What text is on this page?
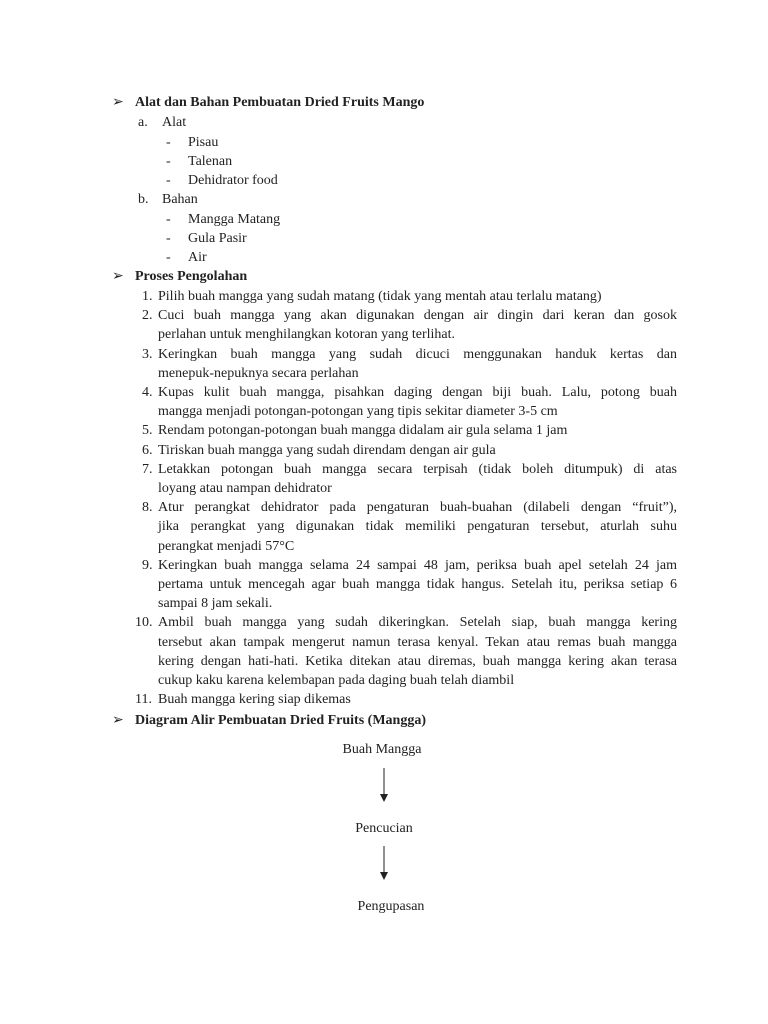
➢ Alat dan Bahan Pembuatan Dried Fruits Mango
a. Alat
- Pisau
- Talenan
- Dehidrator food
b. Bahan
- Mangga Matang
- Gula Pasir
- Air
➢ Proses Pengolahan
1. Pilih buah mangga yang sudah matang (tidak yang mentah atau terlalu matang)
2. Cuci buah mangga yang akan digunakan dengan air dingin dari keran dan gosok
perlahan untuk menghilangkan kotoran yang terlihat.
3. Keringkan buah mangga yang sudah dicuci menggunakan handuk kertas dan
menepuk-nepuknya secara perlahan
4. Kupas kulit buah mangga, pisahkan daging dengan biji buah. Lalu, potong buah
mangga menjadi potongan-potongan yang tipis sekitar diameter 3-5 cm
5. Rendam potongan-potongan buah mangga didalam air gula selama 1 jam
6. Tiriskan buah mangga yang sudah direndam dengan air gula
7. Letakkan potongan buah mangga secara terpisah (tidak boleh ditumpuk) di atas
loyang atau nampan dehidrator
8. Atur perangkat dehidrator pada pengaturan buah-buahan (dilabeli dengan “fruit”),
jika perangkat yang digunakan tidak memiliki pengaturan tersebut, aturlah suhu
perangkat menjadi 57°C
9. Keringkan buah mangga selama 24 sampai 48 jam, periksa buah apel setelah 24 jam
pertama untuk mencegah agar buah mangga tidak hangus. Setelah itu, periksa setiap 6
sampai 8 jam sekali.
10. Ambil buah mangga yang sudah dikeringkan. Setelah siap, buah mangga kering
tersebut akan tampak mengerut namun terasa kenyal. Tekan atau remas buah mangga
kering dengan hati-hati. Ketika ditekan atau diremas, buah mangga kering akan terasa
cukup kaku karena kelembapan pada daging buah telah diambil
11. Buah mangga kering siap dikemas
➢ Diagram Alir Pembuatan Dried Fruits (Mangga)
Buah Mangga
Pencucian
Pengupasan
